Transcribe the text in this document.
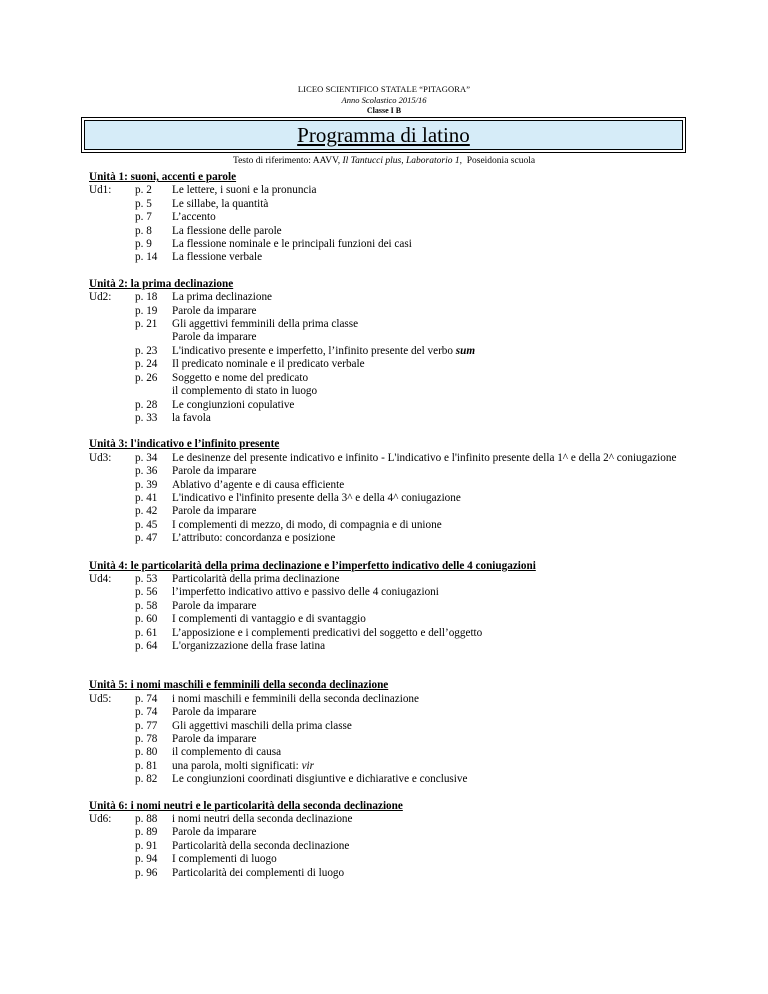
LICEO SCIENTIFICO STATALE “PITAGORA”
Anno Scolastico 2015/16
Classe I B
Programma di latino
Testo di riferimento: AAVV, Il Tantucci plus, Laboratorio 1, Poseidonia scuola
Unità 1: suoni, accenti e parole
Ud1:	p. 2	Le lettere, i suoni e la pronuncia
p. 5	Le sillabe, la quantità
p. 7	L’accento
p. 8	La flessione delle parole
p. 9	La flessione nominale e le principali funzioni dei casi
p. 14	La flessione verbale
Unità 2: la prima declinazione
Ud2:	p. 18	La prima declinazione
p. 19	Parole da imparare
p. 21	Gli aggettivi femminili della prima classe
Parole da imparare
p. 23	L'indicativo presente e imperfetto, l’infinito presente del verbo sum
p. 24	Il predicato nominale e il predicato verbale
p. 26	Soggetto e nome del predicato
il complemento di stato in luogo
p. 28	Le congiunzioni copulative
p. 33	la favola
Unità 3: l'indicativo e l’infinito presente
Ud3:	p. 34	Le desinenze del presente indicativo e infinito - L'indicativo e l'infinito presente della 1^ e della 2^ coniugazione
p. 36	Parole da imparare
p. 39	Ablativo d’agente e di causa efficiente
p. 41	L'indicativo e l'infinito presente della 3^ e della 4^ coniugazione
p. 42	Parole da imparare
p. 45	I complementi di mezzo, di modo, di compagnia e di unione
p. 47	L’attributo: concordanza e posizione
Unità 4: le particolarità della prima declinazione e l’imperfetto indicativo delle 4 coniugazioni
Ud4:	p. 53	Particolarità della prima declinazione
p. 56	l’imperfetto indicativo attivo e passivo delle 4 coniugazioni
p. 58	Parole da imparare
p. 60	I complementi di vantaggio e di svantaggio
p. 61	L’apposizione e i complementi predicativi del soggetto e dell’oggetto
p. 64	L'organizzazione della frase latina
Unità 5: i nomi maschili e femminili della seconda declinazione
Ud5:	p. 74	i nomi maschili e femminili della seconda declinazione
p. 74	Parole da imparare
p. 77	Gli aggettivi maschili della prima classe
p. 78	Parole da imparare
p. 80	il complemento di causa
p. 81	una parola, molti significati: vir
p. 82	Le congiunzioni coordinati disgiuntive e dichiarative e conclusive
Unità 6: i nomi neutri e le particolarità della seconda declinazione
Ud6:	p. 88	i nomi neutri della seconda declinazione
p. 89	Parole da imparare
p. 91	Particolarità della seconda declinazione
p. 94	I complementi di luogo
p. 96	Particolarità dei complementi di luogo
